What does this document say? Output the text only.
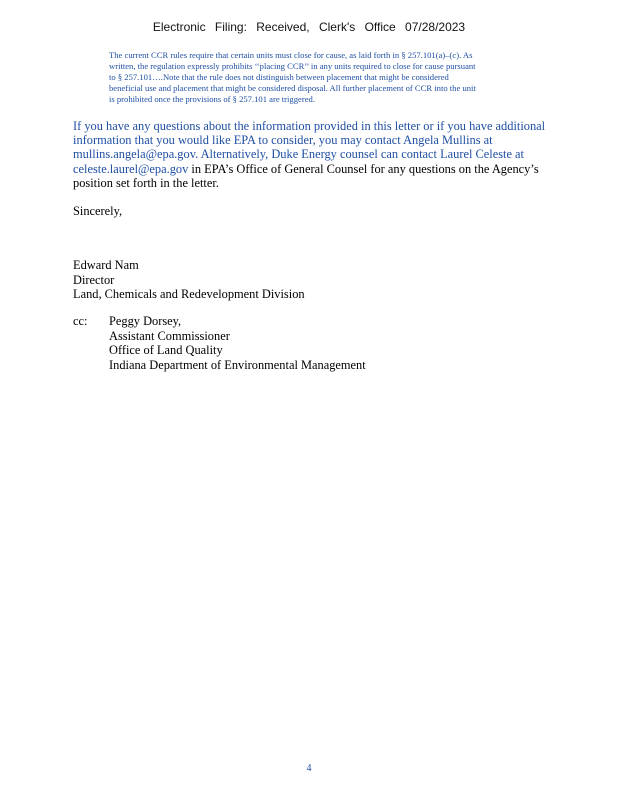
Electronic Filing: Received, Clerk's Office 07/28/2023
The current CCR rules require that certain units must close for cause, as laid forth in § 257.101(a)–(c). As
written, the regulation expressly prohibits ‘‘placing CCR’’ in any units required to close for cause pursuant
to § 257.101….Note that the rule does not distinguish between placement that might be considered
beneficial use and placement that might be considered disposal. All further placement of CCR into the unit
is prohibited once the provisions of § 257.101 are triggered.
If you have any questions about the information provided in this letter or if you have additional
information that you would like EPA to consider, you may contact Angela Mullins at
mullins.angela@epa.gov. Alternatively, Duke Energy counsel can contact Laurel Celeste at
celeste.laurel@epa.gov in EPA’s Office of General Counsel for any questions on the Agency’s
position set forth in the letter.
Sincerely,
Edward Nam
Director
Land, Chemicals and Redevelopment Division
cc: Peggy Dorsey,
Assistant Commissioner
Office of Land Quality
Indiana Department of Environmental Management
4
